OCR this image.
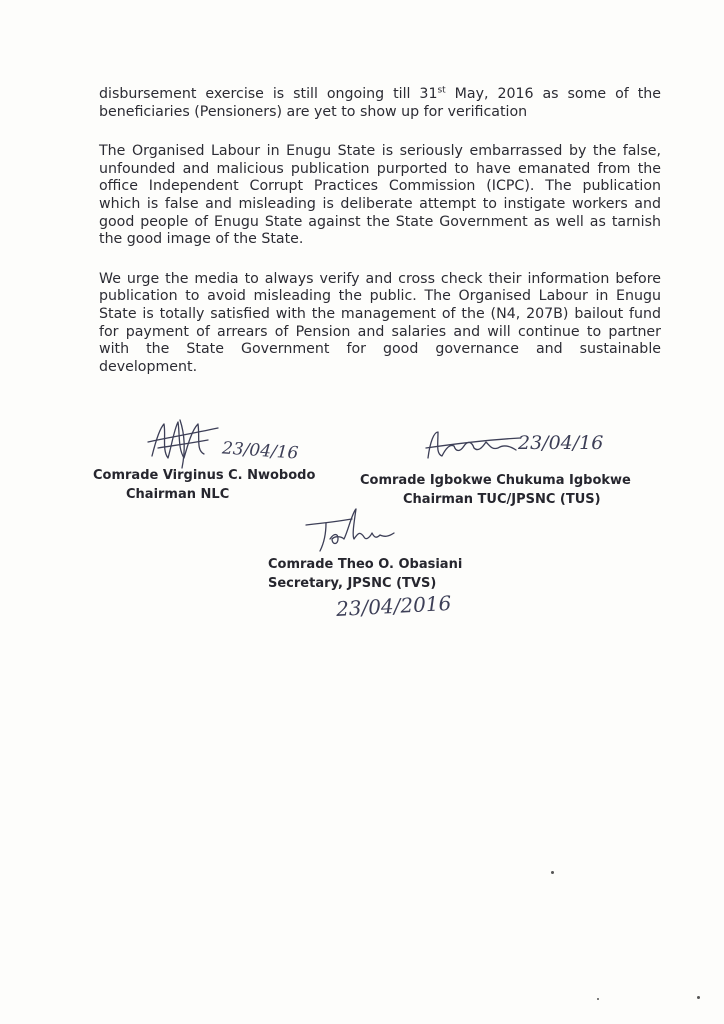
disbursement exercise is still ongoing till 31st May, 2016 as some of the beneficiaries (Pensioners) are yet to show up for verification

The Organised Labour in Enugu State is seriously embarrassed by the false, unfounded and malicious publication purported to have emanated from the office Independent Corrupt Practices Commission (ICPC). The publication which is false and misleading is deliberate attempt to instigate workers and good people of Enugu State against the State Government as well as tarnish the good image of the State.

We urge the media to always verify and cross check their information before publication to avoid misleading the public. The Organised Labour in Enugu State is totally satisfied with the management of the (N4, 207B) bailout fund for payment of arrears of Pension and salaries and will continue to partner with the State Government for good governance and sustainable development.

23/04/16
Comrade Virginus C. Nwobodo
Chairman NLC
23/04/16
Comrade Igbokwe Chukuma Igbokwe
Chairman TUC/JPSNC (TUS)
Comrade Theo O. Obasiani
Secretary, JPSNC (TVS)
23/04/2016
